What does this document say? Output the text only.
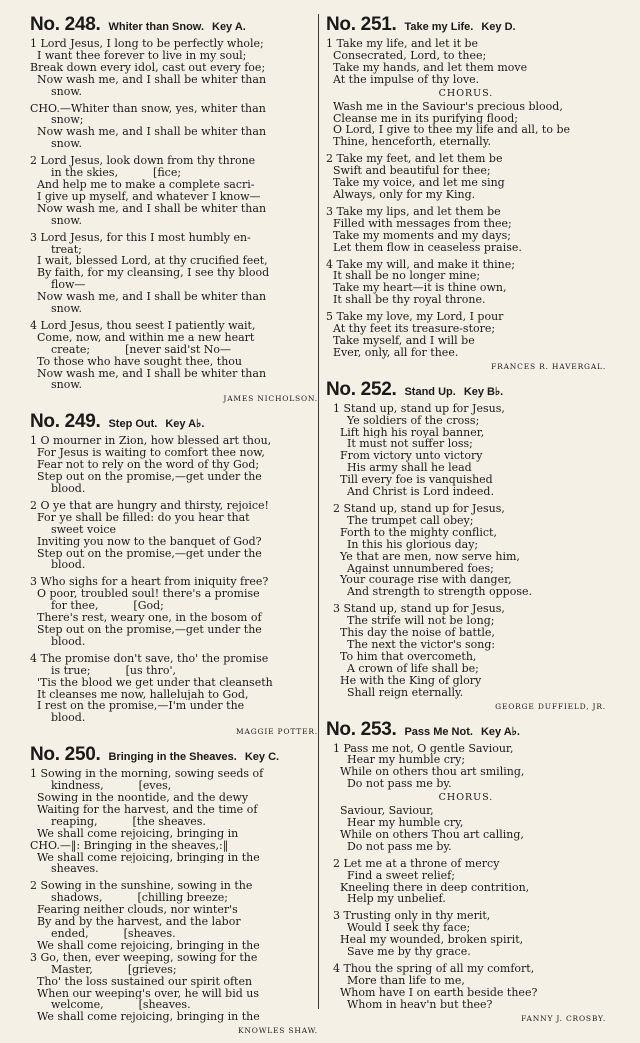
No. 248. Whiter than Snow. Key A.
1 Lord Jesus, I long to be perfectly whole;
I want thee forever to live in my soul;
Break down every idol, cast out every foe;
Now wash me, and I shall be whiter than
snow.
CHO.—Whiter than snow, yes, whiter than
snow;
Now wash me, and I shall be whiter than
snow.
2 Lord Jesus, look down from thy throne
in the skies,          [fice;
And help me to make a complete sacri-
I give up myself, and whatever I know—
Now wash me, and I shall be whiter than
snow.
3 Lord Jesus, for this I most humbly en-
treat;
I wait, blessed Lord, at thy crucified feet,
By faith, for my cleansing, I see thy blood
flow—
Now wash me, and I shall be whiter than
snow.
4 Lord Jesus, thou seest I patiently wait,
Come, now, and within me a new heart
create;          [never said'st No—
To those who have sought thee, thou
Now wash me, and I shall be whiter than
snow.
JAMES NICHOLSON.
No. 249. Step Out. Key A♭.
1 O mourner in Zion, how blessed art thou,
For Jesus is waiting to comfort thee now,
Fear not to rely on the word of thy God;
Step out on the promise,—get under the
blood.
2 O ye that are hungry and thirsty, rejoice!
For ye shall be filled: do you hear that
sweet voice
Inviting you now to the banquet of God?
Step out on the promise,—get under the
blood.
3 Who sighs for a heart from iniquity free?
O poor, troubled soul! there's a promise
for thee,          [God;
There's rest, weary one, in the bosom of
Step out on the promise,—get under the
blood.
4 The promise don't save, tho' the promise
is true;          [us thro',
'Tis the blood we get under that cleanseth
It cleanses me now, hallelujah to God,
I rest on the promise,—I'm under the
blood.
MAGGIE POTTER.
No. 250. Bringing in the Sheaves. Key C.
1 Sowing in the morning, sowing seeds of
kindness,          [eves,
Sowing in the noontide, and the dewy
Waiting for the harvest, and the time of
reaping,          [the sheaves.
We shall come rejoicing, bringing in
CHO.—‖: Bringing in the sheaves,:‖
We shall come rejoicing, bringing in the
sheaves.
2 Sowing in the sunshine, sowing in the
shadows,          [chilling breeze;
Fearing neither clouds, nor winter's
By and by the harvest, and the labor
ended,          [sheaves.
We shall come rejoicing, bringing in the
3 Go, then, ever weeping, sowing for the
Master,          [grieves;
Tho' the loss sustained our spirit often
When our weeping's over, he will bid us
welcome,          [sheaves.
We shall come rejoicing, bringing in the
KNOWLES SHAW.
No. 251. Take my Life. Key D.
1 Take my life, and let it be
Consecrated, Lord, to thee;
Take my hands, and let them move
At the impulse of thy love.
CHORUS.
Wash me in the Saviour's precious blood,
Cleanse me in its purifying flood;
O Lord, I give to thee my life and all, to be
Thine, henceforth, eternally.
2 Take my feet, and let them be
Swift and beautiful for thee;
Take my voice, and let me sing
Always, only for my King.
3 Take my lips, and let them be
Filled with messages from thee;
Take my moments and my days;
Let them flow in ceaseless praise.
4 Take my will, and make it thine;
It shall be no longer mine;
Take my heart—it is thine own,
It shall be thy royal throne.
5 Take my love, my Lord, I pour
At thy feet its treasure-store;
Take myself, and I will be
Ever, only, all for thee.
FRANCES R. HAVERGAL.
No. 252. Stand Up. Key B♭.
1 Stand up, stand up for Jesus,
Ye soldiers of the cross;
Lift high his royal banner,
It must not suffer loss;
From victory unto victory
His army shall he lead
Till every foe is vanquished
And Christ is Lord indeed.
2 Stand up, stand up for Jesus,
The trumpet call obey;
Forth to the mighty conflict,
In this his glorious day;
Ye that are men, now serve him,
Against unnumbered foes;
Your courage rise with danger,
And strength to strength oppose.
3 Stand up, stand up for Jesus,
The strife will not be long;
This day the noise of battle,
The next the victor's song:
To him that overcometh,
A crown of life shall be;
He with the King of glory
Shall reign eternally.
GEORGE DUFFIELD, JR.
No. 253. Pass Me Not. Key A♭.
1 Pass me not, O gentle Saviour,
Hear my humble cry;
While on others thou art smiling,
Do not pass me by.
CHORUS.
Saviour, Saviour,
Hear my humble cry,
While on others Thou art calling,
Do not pass me by.
2 Let me at a throne of mercy
Find a sweet relief;
Kneeling there in deep contrition,
Help my unbelief.
3 Trusting only in thy merit,
Would I seek thy face;
Heal my wounded, broken spirit,
Save me by thy grace.
4 Thou the spring of all my comfort,
More than life to me,
Whom have I on earth beside thee?
Whom in heav'n but thee?
FANNY J. CROSBY.
